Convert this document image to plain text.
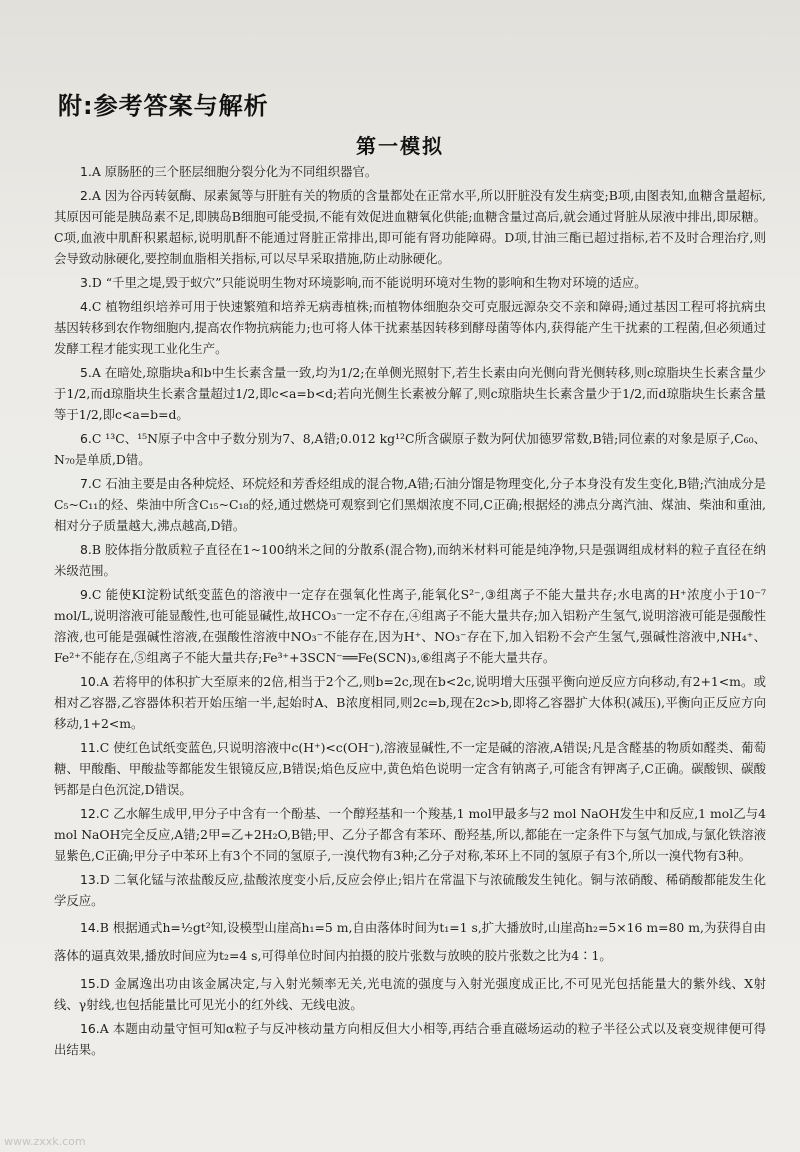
附:参考答案与解析
第一模拟

1.A 原肠胚的三个胚层细胞分裂分化为不同组织器官。

2.A 因为谷丙转氨酶、尿素氮等与肝脏有关的物质的含量都处在正常水平,所以肝脏没有发生病变;B项,由图表知,血糖含量超标,其原因可能是胰岛素不足,即胰岛B细胞可能受损,不能有效促进血糖氧化供能;血糖含量过高后,就会通过肾脏从尿液中排出,即尿糖。C项,血液中肌酐积累超标,说明肌酐不能通过肾脏正常排出,即可能有肾功能障碍。D项,甘油三酯已超过指标,若不及时合理治疗,则会导致动脉硬化,要控制血脂相关指标,可以尽早采取措施,防止动脉硬化。

3.D “千里之堤,毁于蚁穴”只能说明生物对环境影响,而不能说明环境对生物的影响和生物对环境的适应。

4.C 植物组织培养可用于快速繁殖和培养无病毒植株;而植物体细胞杂交可克服远源杂交不亲和障碍;通过基因工程可将抗病虫基因转移到农作物细胞内,提高农作物抗病能力;也可将人体干扰素基因转移到酵母菌等体内,获得能产生干扰素的工程菌,但必须通过发酵工程才能实现工业化生产。

5.A 在暗处,琼脂块a和b中生长素含量一致,均为1/2;在单侧光照射下,若生长素由向光侧向背光侧转移,则c琼脂块生长素含量少于1/2,而d琼脂块生长素含量超过1/2,即c<a=b<d;若向光侧生长素被分解了,则c琼脂块生长素含量少于1/2,而d琼脂块生长素含量等于1/2,即c<a=b=d。

6.C ¹³C、¹⁵N原子中含中子数分别为7、8,A错;0.012 kg¹²C所含碳原子数为阿伏加德罗常数,B错;同位素的对象是原子,C₆₀、N₇₀是单质,D错。

7.C 石油主要是由各种烷烃、环烷烃和芳香烃组成的混合物,A错;石油分馏是物理变化,分子本身没有发生变化,B错;汽油成分是C₅~C₁₁的烃、柴油中所含C₁₅~C₁₈的烃,通过燃烧可观察到它们黑烟浓度不同,C正确;根据烃的沸点分离汽油、煤油、柴油和重油,相对分子质量越大,沸点越高,D错。

8.B 胶体指分散质粒子直径在1~100纳米之间的分散系(混合物),而纳米材料可能是纯净物,只是强调组成材料的粒子直径在纳米级范围。

9.C 能使KI淀粉试纸变蓝色的溶液中一定存在强氧化性离子,能氧化S²⁻,③组离子不能大量共存;水电离的H⁺浓度小于10⁻⁷ mol/L,说明溶液可能显酸性,也可能显碱性,故HCO₃⁻一定不存在,④组离子不能大量共存;加入铝粉产生氢气,说明溶液可能是强酸性溶液,也可能是强碱性溶液,在强酸性溶液中NO₃⁻不能存在,因为H⁺、NO₃⁻存在下,加入铝粉不会产生氢气,强碱性溶液中,NH₄⁺、Fe²⁺不能存在,⑤组离子不能大量共存;Fe³⁺+3SCN⁻══Fe(SCN)₃,⑥组离子不能大量共存。

10.A 若将甲的体积扩大至原来的2倍,相当于2个乙,则b=2c,现在b<2c,说明增大压强平衡向逆反应方向移动,有2+1<m。或相对乙容器,乙容器体积若开始压缩一半,起始时A、B浓度相同,则2c=b,现在2c>b,即将乙容器扩大体积(减压),平衡向正反应方向移动,1+2<m。

11.C 使红色试纸变蓝色,只说明溶液中c(H⁺)<c(OH⁻),溶液显碱性,不一定是碱的溶液,A错误;凡是含醛基的物质如醛类、葡萄糖、甲酸酯、甲酸盐等都能发生银镜反应,B错误;焰色反应中,黄色焰色说明一定含有钠离子,可能含有钾离子,C正确。碳酸钡、碳酸钙都是白色沉淀,D错误。

12.C 乙水解生成甲,甲分子中含有一个酚基、一个醇羟基和一个羧基,1 mol甲最多与2 mol NaOH发生中和反应,1 mol乙与4 mol NaOH完全反应,A错;2甲=乙+2H₂O,B错;甲、乙分子都含有苯环、酚羟基,所以,都能在一定条件下与氢气加成,与氯化铁溶液显紫色,C正确;甲分子中苯环上有3个不同的氢原子,一溴代物有3种;乙分子对称,苯环上不同的氢原子有3个,所以一溴代物有3种。

13.D 二氧化锰与浓盐酸反应,盐酸浓度变小后,反应会停止;铝片在常温下与浓硫酸发生钝化。铜与浓硝酸、稀硝酸都能发生化学反应。

14.B 根据通式h=½gt²知,设模型山崖高h₁=5 m,自由落体时间为t₁=1 s,扩大播放时,山崖高h₂=5×16 m=80 m,为获得自由落体的逼真效果,播放时间应为t₂=4 s,可得单位时间内拍摄的胶片张数与放映的胶片张数之比为4∶1。

15.D 金属逸出功由该金属决定,与入射光频率无关,光电流的强度与入射光强度成正比,不可见光包括能量大的紫外线、X射线、γ射线,也包括能量比可见光小的红外线、无线电波。

16.A 本题由动量守恒可知α粒子与反冲核动量方向相反但大小相等,再结合垂直磁场运动的粒子半径公式以及衰变规律便可得出结果。

www.zxxk.com
